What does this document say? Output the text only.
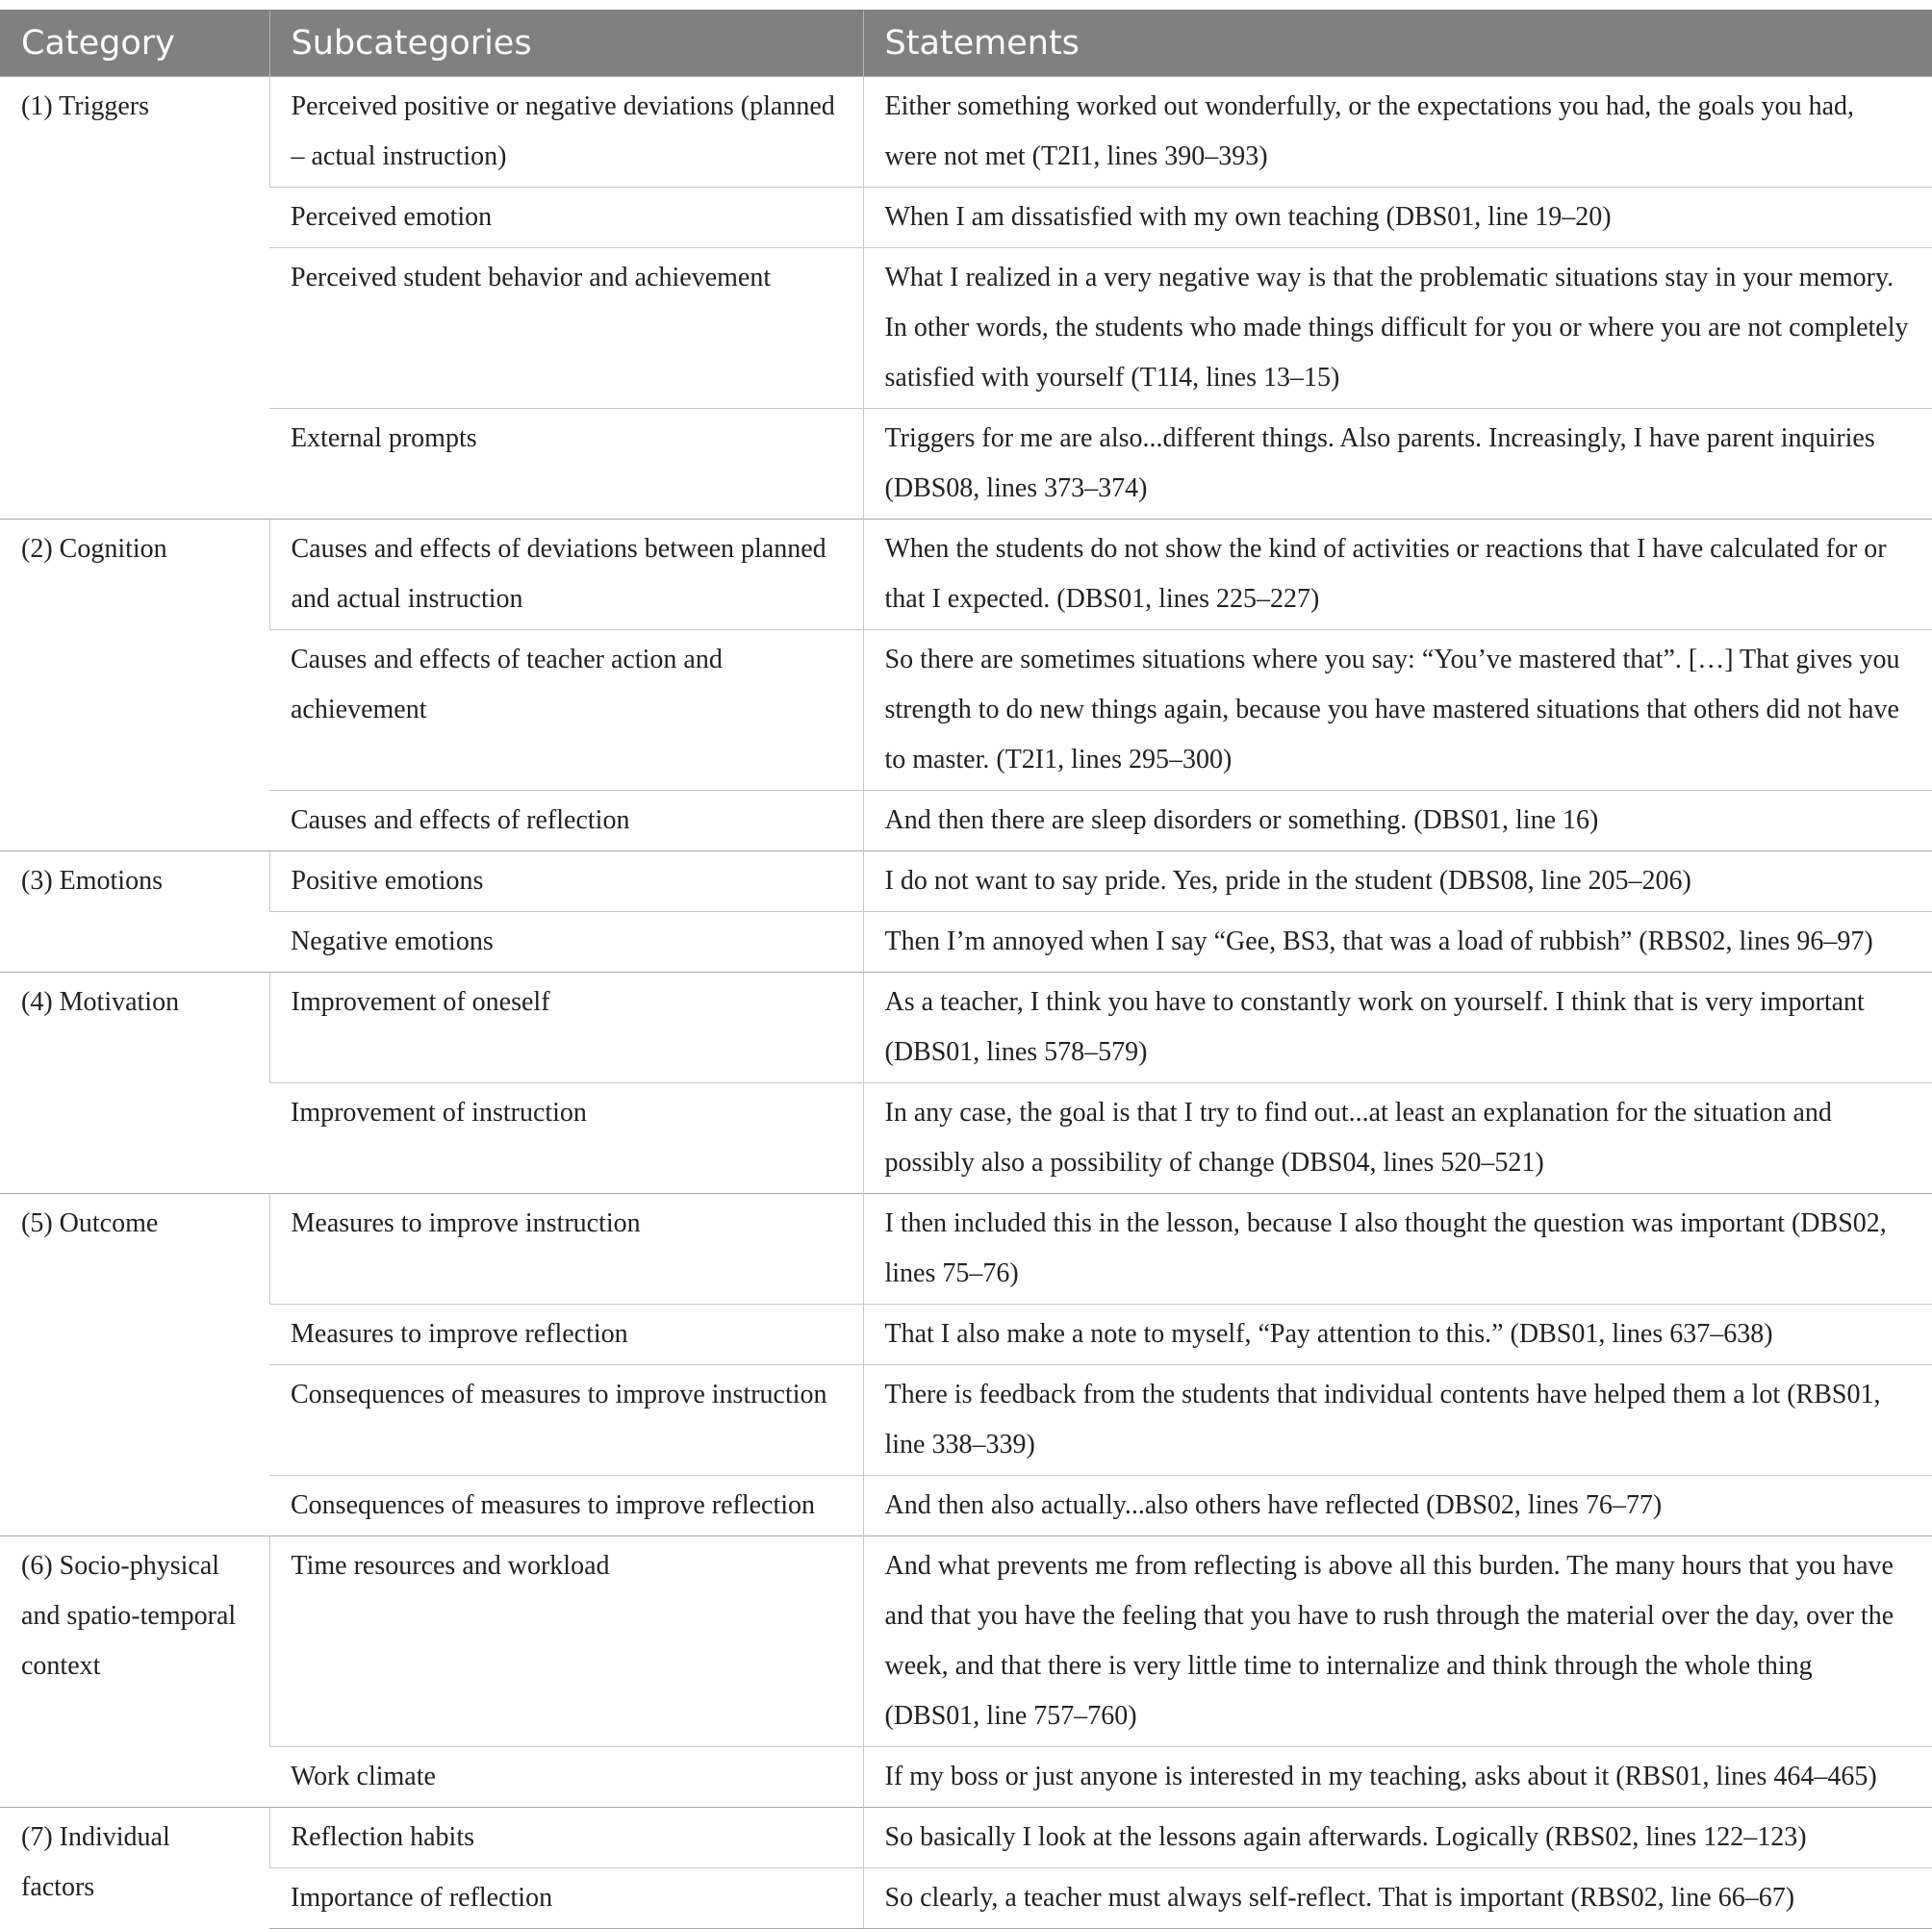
Category	Subcategories	Statements
(1) Triggers	Perceived positive or negative deviations (planned – actual instruction)	Either something worked out wonderfully, or the expectations you had, the goals you had, were not met (T2I1, lines 390–393)
	Perceived emotion	When I am dissatisfied with my own teaching (DBS01, line 19–20)
	Perceived student behavior and achievement	What I realized in a very negative way is that the problematic situations stay in your memory. In other words, the students who made things difficult for you or where you are not completely satisfied with yourself (T1I4, lines 13–15)
	External prompts	Triggers for me are also...different things. Also parents. Increasingly, I have parent inquiries (DBS08, lines 373–374)
(2) Cognition	Causes and effects of deviations between planned and actual instruction	When the students do not show the kind of activities or reactions that I have calculated for or that I expected. (DBS01, lines 225–227)
	Causes and effects of teacher action and achievement	So there are sometimes situations where you say: “You’ve mastered that”. […] That gives you strength to do new things again, because you have mastered situations that others did not have to master. (T2I1, lines 295–300)
	Causes and effects of reflection	And then there are sleep disorders or something. (DBS01, line 16)
(3) Emotions	Positive emotions	I do not want to say pride. Yes, pride in the student (DBS08, line 205–206)
	Negative emotions	Then I’m annoyed when I say “Gee, BS3, that was a load of rubbish” (RBS02, lines 96–97)
(4) Motivation	Improvement of oneself	As a teacher, I think you have to constantly work on yourself. I think that is very important (DBS01, lines 578–579)
	Improvement of instruction	In any case, the goal is that I try to find out...at least an explanation for the situation and possibly also a possibility of change (DBS04, lines 520–521)
(5) Outcome	Measures to improve instruction	I then included this in the lesson, because I also thought the question was important (DBS02, lines 75–76)
	Measures to improve reflection	That I also make a note to myself, “Pay attention to this.” (DBS01, lines 637–638)
	Consequences of measures to improve instruction	There is feedback from the students that individual contents have helped them a lot (RBS01, line 338–339)
	Consequences of measures to improve reflection	And then also actually...also others have reflected (DBS02, lines 76–77)
(6) Socio-physical and spatio-temporal context	Time resources and workload	And what prevents me from reflecting is above all this burden. The many hours that you have and that you have the feeling that you have to rush through the material over the day, over the week, and that there is very little time to internalize and think through the whole thing (DBS01, line 757–760)
	Work climate	If my boss or just anyone is interested in my teaching, asks about it (RBS01, lines 464–465)
(7) Individual factors	Reflection habits	So basically I look at the lessons again afterwards. Logically (RBS02, lines 122–123)
	Importance of reflection	So clearly, a teacher must always self-reflect. That is important (RBS02, line 66–67)
